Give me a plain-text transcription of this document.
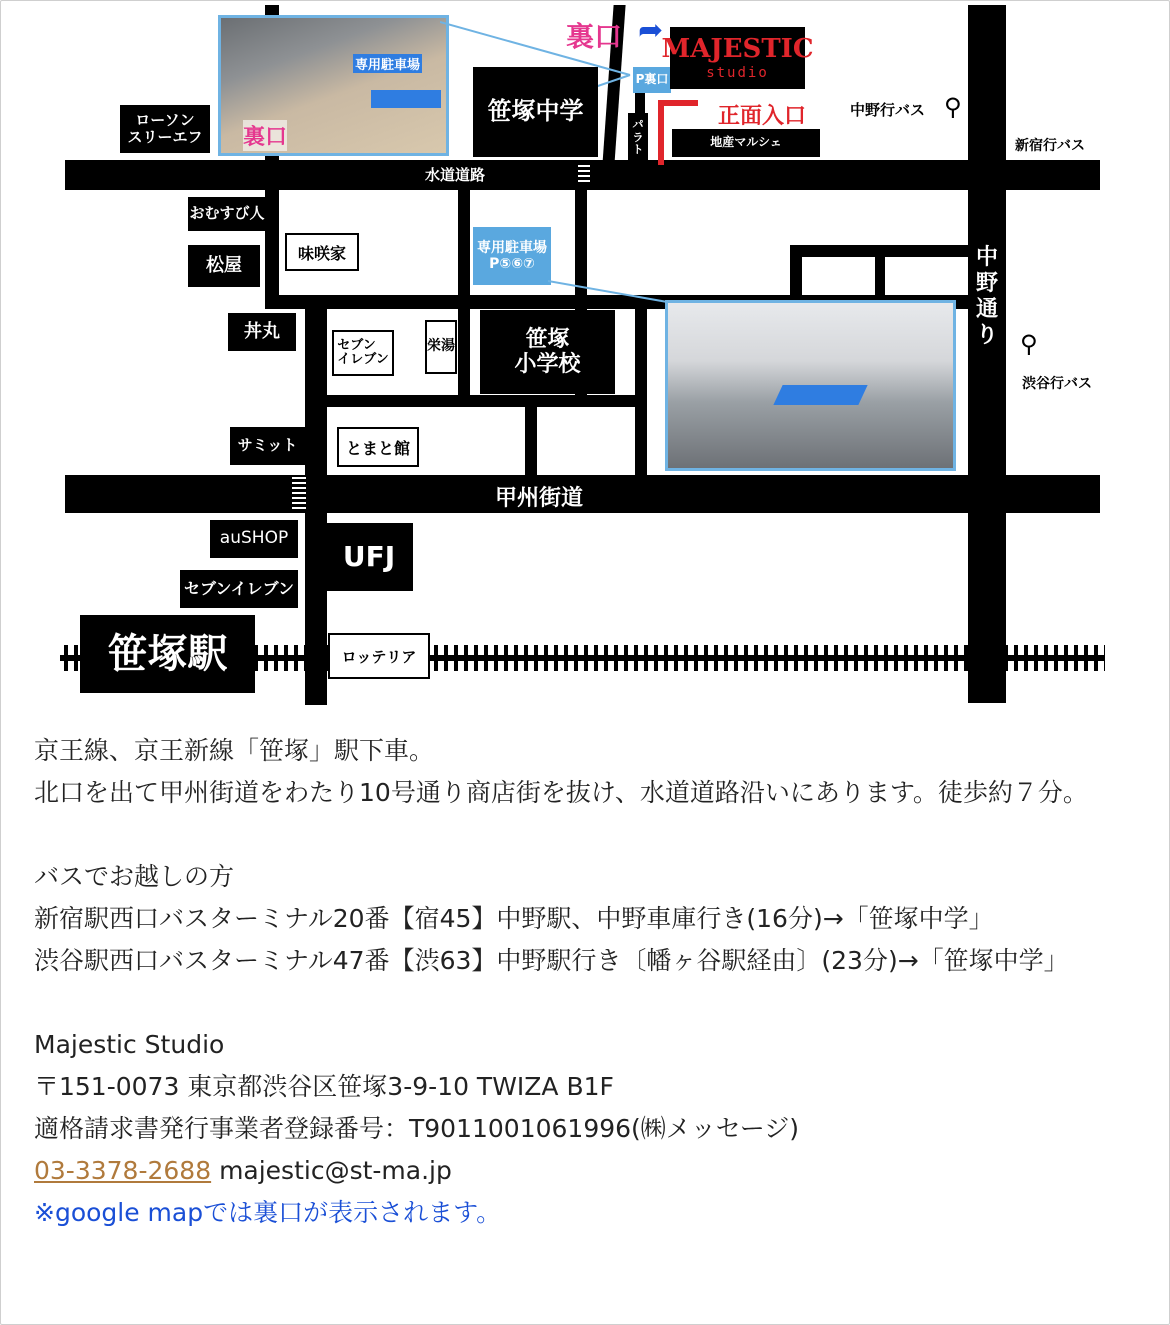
笹塚駅	ロッテリア
水道道路
甲州街道
中野通り
専用駐車場
裏口
ローソン
スリーエフ
笹塚中学
裏口 ➦
P裏口
MAJESTIC
studio
正面入口
パラト
地産マルシェ
中野行バス ⚲
新宿行バス
⚲
渋谷行バス
おむすび人
松屋
味咲家
丼丸
セブン
イレブン
栄湯	笹塚
小学校
サミット	とまと館
UFJ
auSHOP
セブンイレブン
専用駐車場
P⑤⑥⑦

京王線、京王新線「笹塚」駅下車。

北口を出て甲州街道をわたり10号通り商店街を抜け、水道道路沿いにあります。徒歩約７分。

バスでお越しの方

新宿駅西口バスターミナル20番【宿45】中野駅、中野車庫行き(16分)→「笹塚中学」

渋谷駅西口バスターミナル47番【渋63】中野駅行き〔幡ヶ谷駅経由〕(23分)→「笹塚中学」

Majestic Studio

〒151-0073 東京都渋谷区笹塚3-9-10 TWIZA B1F

適格請求書発行事業者登録番号：T9011001061996(㈱メッセージ)

03-3378-2688 majestic@st-ma.jp

※google mapでは裏口が表示されます。
